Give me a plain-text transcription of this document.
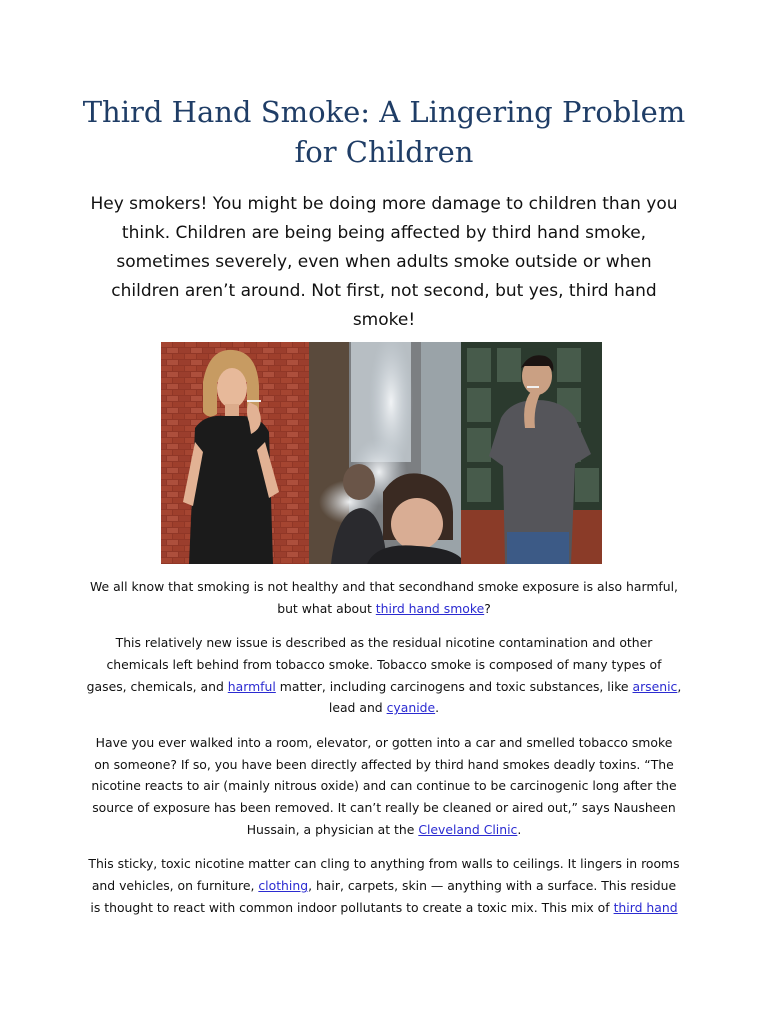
Third Hand Smoke: A Lingering Problem for Children

Hey smokers! You might be doing more damage to children than you think. Children are being being affected by third hand smoke, sometimes severely, even when adults smoke outside or when children aren’t around. Not first, not second, but yes, third hand smoke!

We all know that smoking is not healthy and that secondhand smoke exposure is also harmful, but what about third hand smoke?

This relatively new issue is described as the residual nicotine contamination and other chemicals left behind from tobacco smoke. Tobacco smoke is composed of many types of gases, chemicals, and harmful matter, including carcinogens and toxic substances, like arsenic, lead and cyanide.

Have you ever walked into a room, elevator, or gotten into a car and smelled tobacco smoke on someone? If so, you have been directly affected by third hand smokes deadly toxins. “The nicotine reacts to air (mainly nitrous oxide) and can continue to be carcinogenic long after the source of exposure has been removed. It can’t really be cleaned or aired out,” says Nausheen Hussain, a physician at the Cleveland Clinic.

This sticky, toxic nicotine matter can cling to anything from walls to ceilings. It lingers in rooms and vehicles, on furniture, clothing, hair, carpets, skin — anything with a surface. This residue is thought to react with common indoor pollutants to create a toxic mix. This mix of third hand
